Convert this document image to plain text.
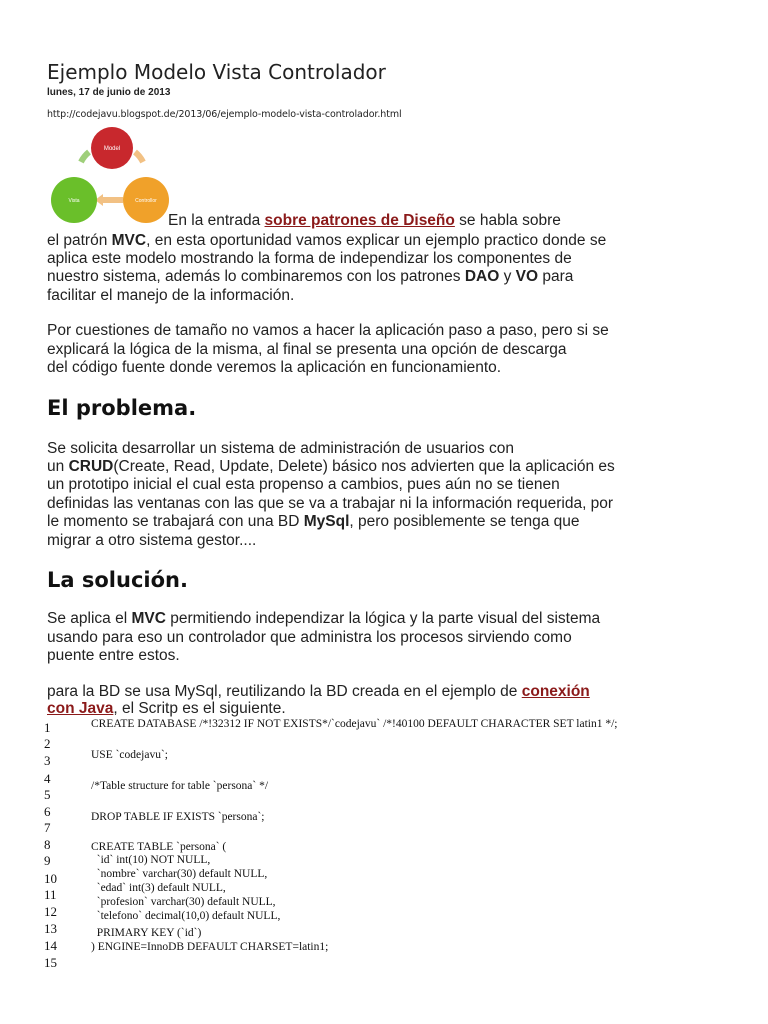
Ejemplo Modelo Vista Controlador
lunes, 17 de junio de 2013
http://codejavu.blogspot.de/2013/06/ejemplo-modelo-vista-controlador.html
Model
Vista	Controllor
En la entrada sobre patrones de Diseño se habla sobre
el patrón MVC, en esta oportunidad vamos explicar un ejemplo practico donde se
aplica este modelo mostrando la forma de independizar los componentes de
nuestro sistema, además lo combinaremos con los patrones DAO y VO para
facilitar el manejo de la información.
Por cuestiones de tamaño no vamos a hacer la aplicación paso a paso, pero si se
explicará la lógica de la misma, al final se presenta una opción de descarga
del código fuente donde veremos la aplicación en funcionamiento.
El problema.
Se solicita desarrollar un sistema de administración de usuarios con
un CRUD(Create, Read, Update, Delete) básico nos advierten que la aplicación es
un prototipo inicial el cual esta propenso a cambios, pues aún no se tienen
definidas las ventanas con las que se va a trabajar ni la información requerida, por
le momento se trabajará con una BD MySql, pero posiblemente se tenga que
migrar a otro sistema gestor....
La solución.
Se aplica el MVC permitiendo independizar la lógica y la parte visual del sistema
usando para eso un controlador que administra los procesos sirviendo como
puente entre estos.
para la BD se usa MySql, reutilizando la BD creada en el ejemplo de conexión
con Java, el Scritp es el siguiente.
1
2
3
4
5
6
7
8
9
10
11
12
13
14
15

CREATE DATABASE /*!32312 IF NOT EXISTS*/`codejavu` /*!40100 DEFAULT CHARACTER SET latin1 */;

USE `codejavu`;

/*Table structure for table `persona` */

DROP TABLE IF EXISTS `persona`;

CREATE TABLE `persona` (

`id` int(10) NOT NULL,

`nombre` varchar(30) default NULL,

`edad` int(3) default NULL,

`profesion` varchar(30) default NULL,

`telefono` decimal(10,0) default NULL,

PRIMARY KEY (`id`)

) ENGINE=InnoDB DEFAULT CHARSET=latin1;
